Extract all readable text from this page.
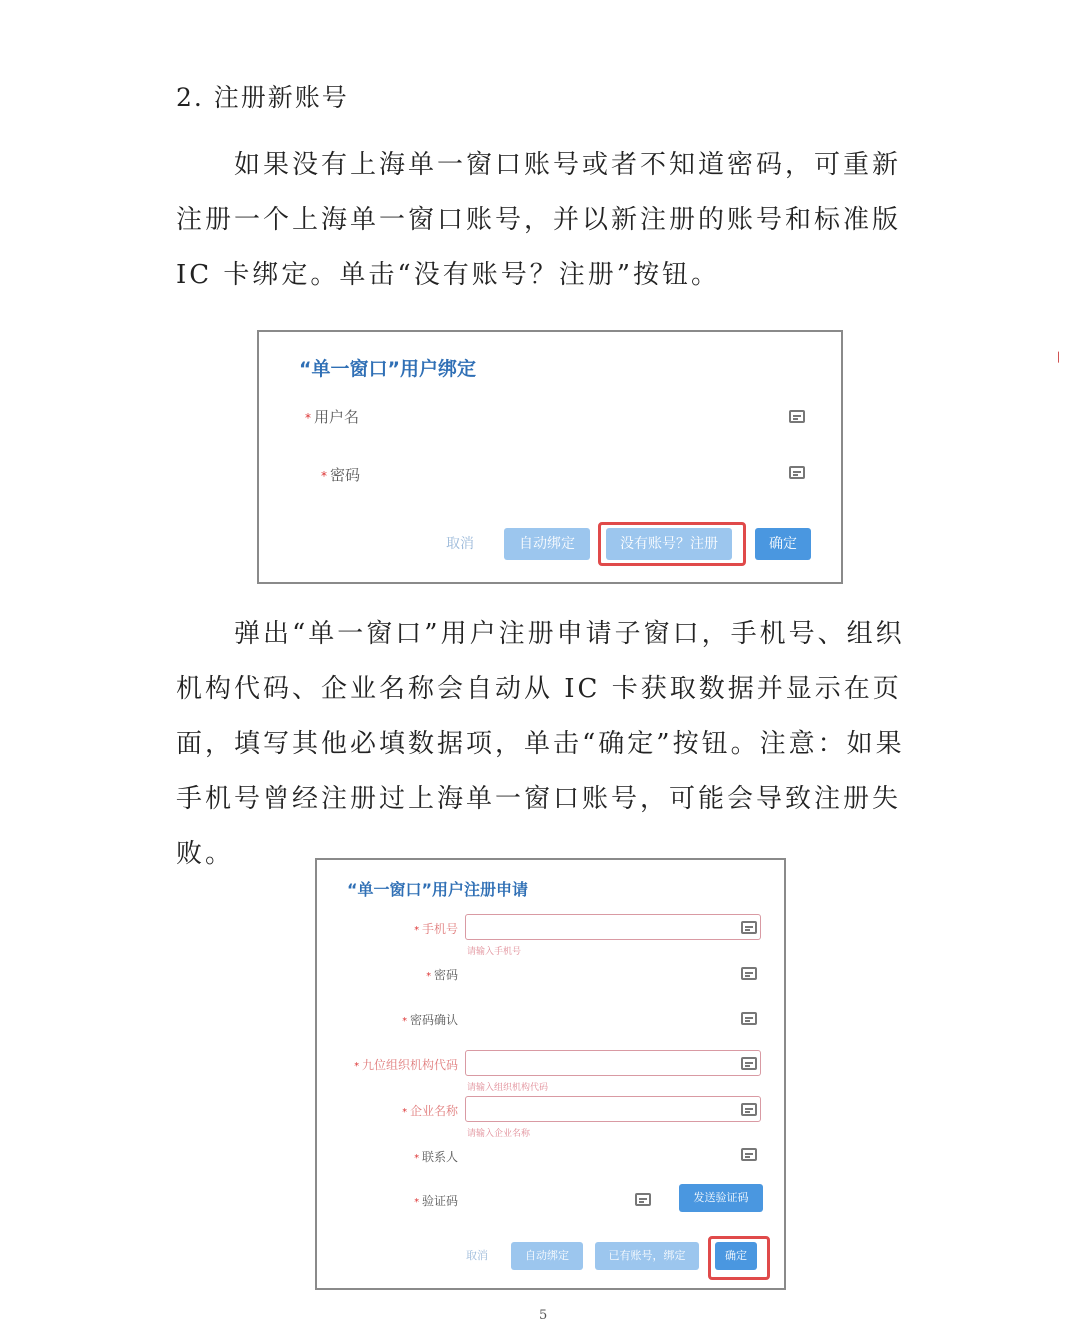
2. 注册新账号

如果没有上海单一窗口账号或者不知道密码，可重新注册一个上海单一窗口账号，并以新注册的账号和标准版 IC 卡绑定。单击“没有账号？注册”按钮。

“单一窗口”用户绑定
* 用户名
* 密码
取消	自动绑定	没有账号？注册	确定

弹出“单一窗口”用户注册申请子窗口，手机号、组织机构代码、企业名称会自动从 IC 卡获取数据并显示在页面，填写其他必填数据项，单击“确定”按钮。注意：如果手机号曾经注册过上海单一窗口账号，可能会导致注册失败。

“单一窗口”用户注册申请
* 手机号
请输入手机号
* 密码
* 密码确认
* 九位组织机构代码
请输入组织机构代码
* 企业名称
请输入企业名称
* 联系人
* 验证码	发送验证码
取消	自动绑定	已有账号，绑定	确定
❘
5
